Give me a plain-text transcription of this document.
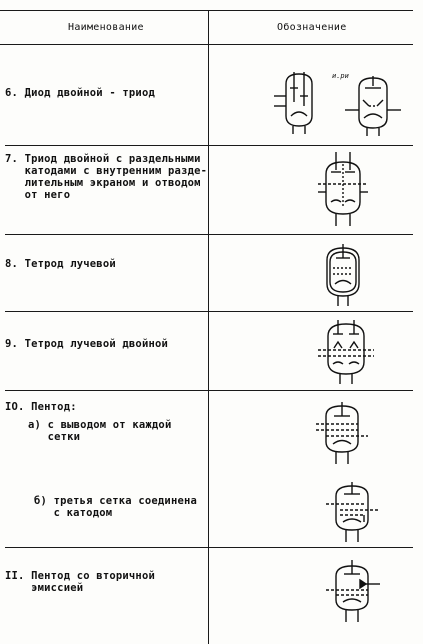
Наименование	Обозначение
6. Диод двойной - триод
7. Триод двойной с раздельными
катодами с внутренним разде-
лительным экраном и отводом
от него
8. Тетрод лучевой
9. Тетрод лучевой двойной
IO. Пентод:
а) с выводом от каждой
сетки
б) третья сетка соединена
с катодом
II. Пентод со вторичной
эмиссией
и.ри
